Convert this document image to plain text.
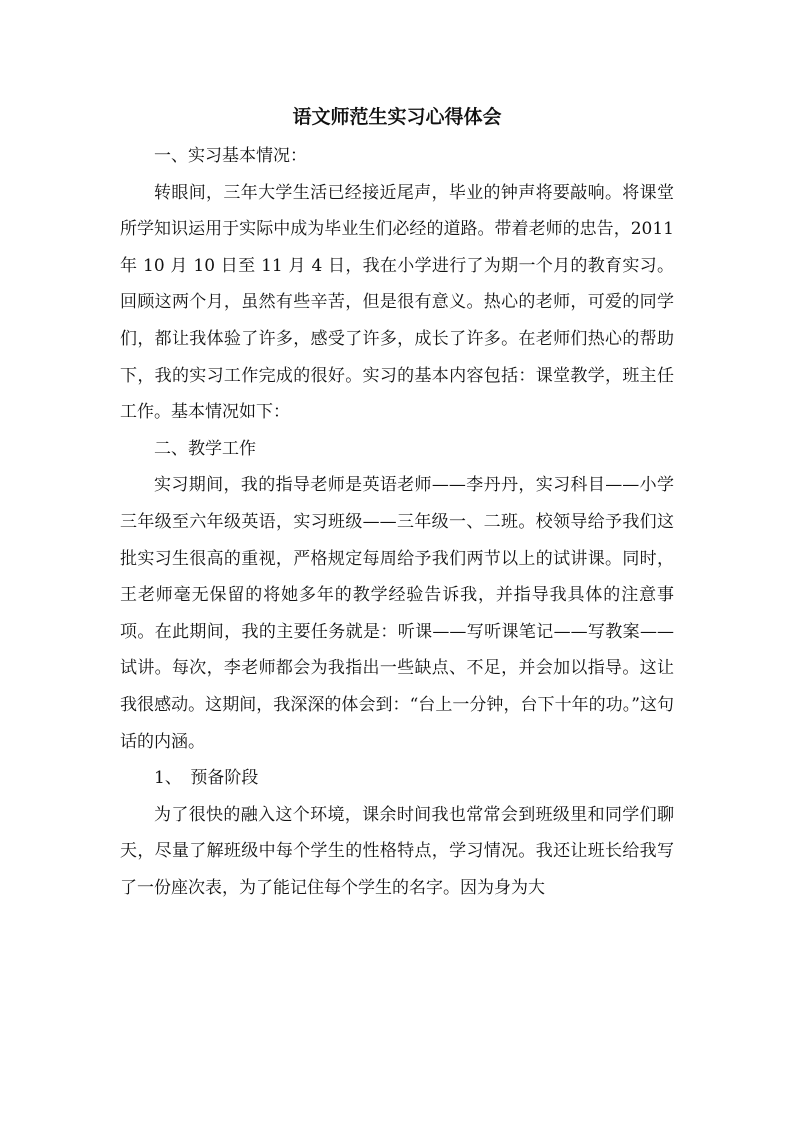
语文师范生实习心得体会

一、实习基本情况：

转眼间，三年大学生活已经接近尾声，毕业的钟声将要敲响。将课堂所学知识运用于实际中成为毕业生们必经的道路。带着老师的忠告，2011 年 10 月 10 日至 11 月 4 日，我在小学进行了为期一个月的教育实习。回顾这两个月，虽然有些辛苦，但是很有意义。热心的老师，可爱的同学们，都让我体验了许多，感受了许多，成长了许多。在老师们热心的帮助下，我的实习工作完成的很好。实习的基本内容包括：课堂教学，班主任工作。基本情况如下：

二、教学工作

实习期间，我的指导老师是英语老师——李丹丹，实习科目——小学三年级至六年级英语，实习班级——三年级一、二班。校领导给予我们这批实习生很高的重视，严格规定每周给予我们两节以上的试讲课。同时，王老师毫无保留的将她多年的教学经验告诉我，并指导我具体的注意事项。在此期间，我的主要任务就是：听课——写听课笔记——写教案——试讲。每次，李老师都会为我指出一些缺点、不足，并会加以指导。这让我很感动。这期间，我深深的体会到：“台上一分钟，台下十年的功。”这句话的内涵。

1、　预备阶段

为了很快的融入这个环境，课余时间我也常常会到班级里和同学们聊天，尽量了解班级中每个学生的性格特点，学习情况。我还让班长给我写了一份座次表，为了能记住每个学生的名字。因为身为大
